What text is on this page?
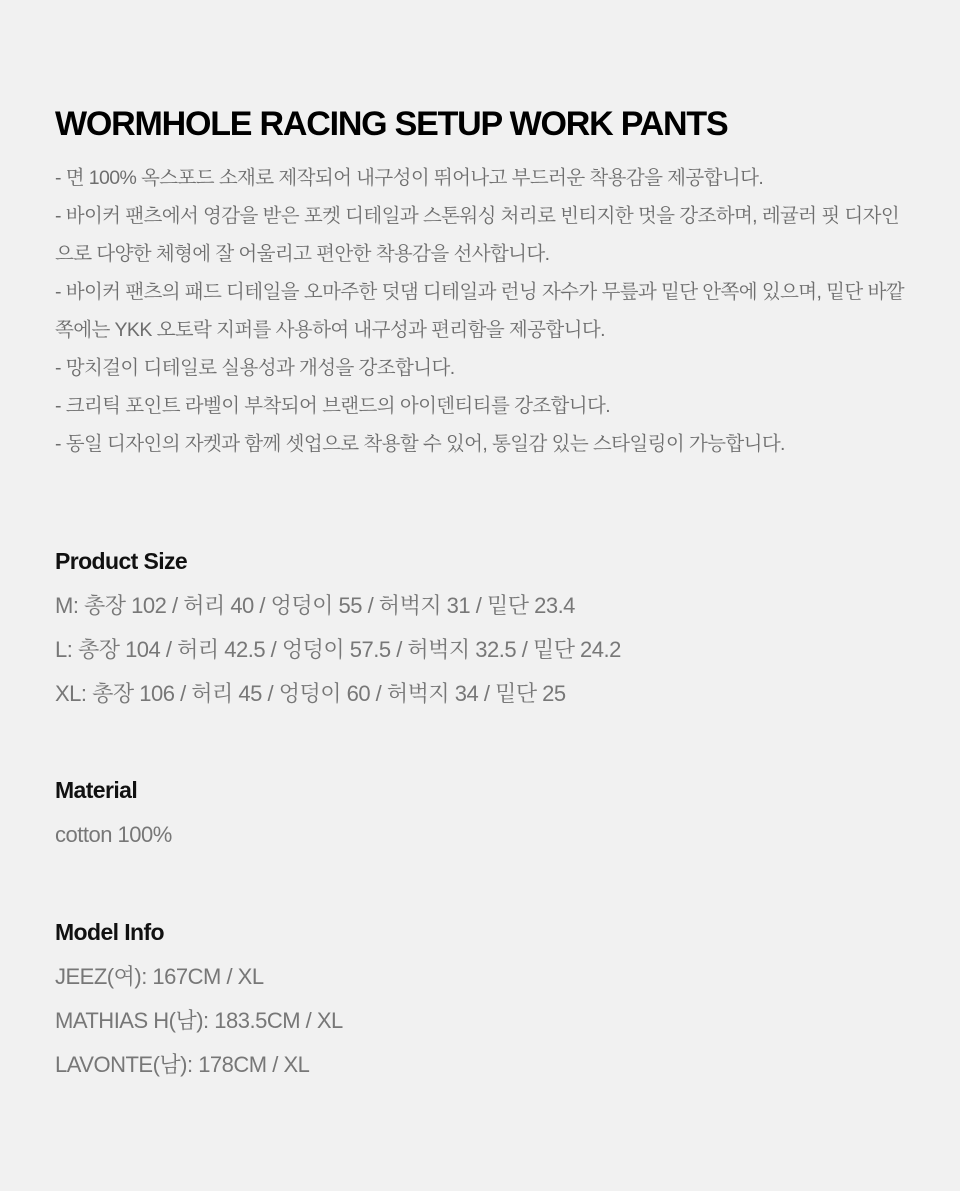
WORMHOLE RACING SETUP WORK PANTS
- 면 100% 옥스포드 소재로 제작되어 내구성이 뛰어나고 부드러운 착용감을 제공합니다.
- 바이커 팬츠에서 영감을 받은 포켓 디테일과 스톤워싱 처리로 빈티지한 멋을 강조하며, 레귤러 핏 디자인으로 다양한 체형에 잘 어울리고 편안한 착용감을 선사합니다.
- 바이커 팬츠의 패드 디테일을 오마주한 덧댐 디테일과 런닝 자수가 무릎과 밑단 안쪽에 있으며, 밑단 바깥쪽에는 YKK 오토락 지퍼를 사용하여 내구성과 편리함을 제공합니다.
- 망치걸이 디테일로 실용성과 개성을 강조합니다.
- 크리틱 포인트 라벨이 부착되어 브랜드의 아이덴티티를 강조합니다.
- 동일 디자인의 자켓과 함께 셋업으로 착용할 수 있어, 통일감 있는 스타일링이 가능합니다.
Product Size
M: 총장 102 / 허리 40 / 엉덩이 55 / 허벅지 31 / 밑단 23.4
L: 총장 104 / 허리 42.5 / 엉덩이 57.5 / 허벅지 32.5 / 밑단 24.2
XL: 총장 106 / 허리 45 / 엉덩이 60 / 허벅지 34 / 밑단 25
Material
cotton 100%
Model Info
JEEZ(여): 167CM / XL
MATHIAS H(남): 183.5CM / XL
LAVONTE(남): 178CM / XL
